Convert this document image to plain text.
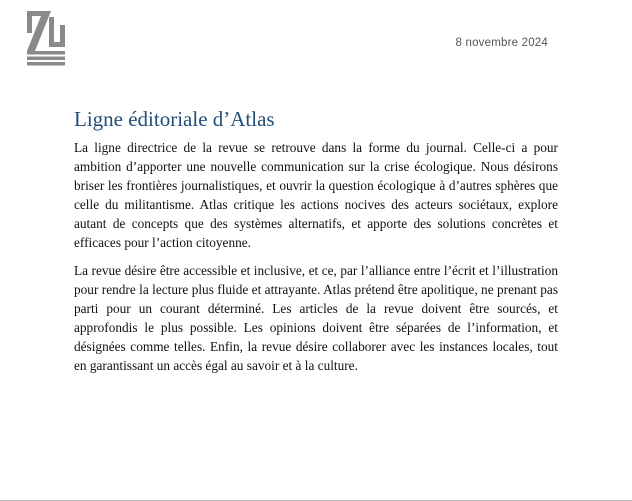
8 novembre 2024
Ligne éditoriale d’Atlas

La ligne directrice de la revue se retrouve dans la forme du journal. Celle-ci a pour ambition d’apporter une nouvelle communication sur la crise écologique. Nous désirons briser les frontières journalistiques, et ouvrir la question écologique à d’autres sphères que celle du militantisme. Atlas critique les actions nocives des acteurs sociétaux, explore autant de concepts que des systèmes alternatifs, et apporte des solutions concrètes et efficaces pour l’action citoyenne.

La revue désire être accessible et inclusive, et ce, par l’alliance entre l’écrit et l’illustration pour rendre la lecture plus fluide et attrayante. Atlas prétend être apolitique, ne prenant pas parti pour un courant déterminé. Les articles de la revue doivent être sourcés, et approfondis le plus possible. Les opinions doivent être séparées de l’information, et désignées comme telles. Enfin, la revue désire collaborer avec les instances locales, tout en garantissant un accès égal au savoir et à la culture.
